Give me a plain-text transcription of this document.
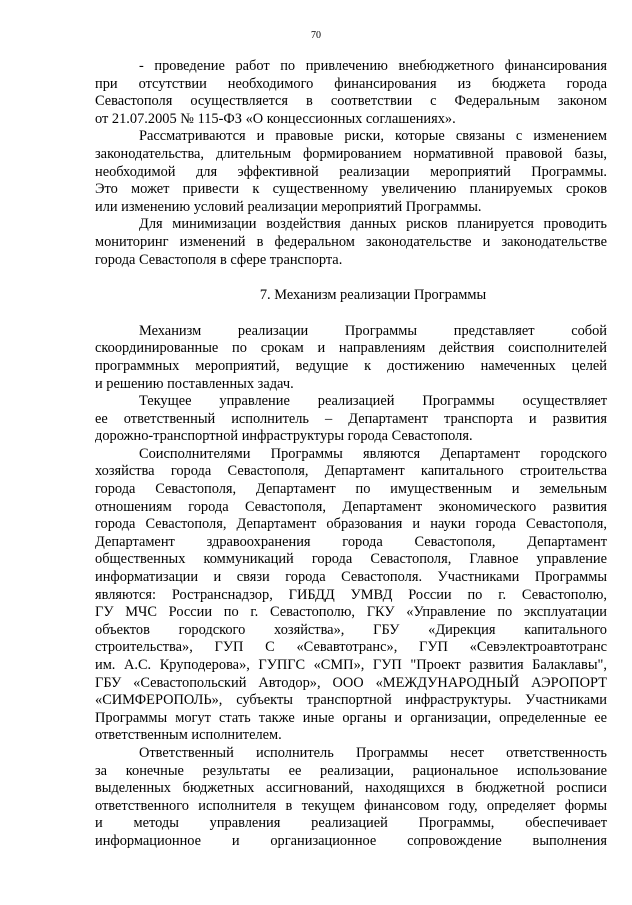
70
- проведение работ по привлечению внебюджетного финансирования
при отсутствии необходимого финансирования из бюджета города
Севастополя осуществляется в соответствии с Федеральным законом
от 21.07.2005 № 115-ФЗ «О концессионных соглашениях».
Рассматриваются и правовые риски, которые связаны с изменением
законодательства, длительным формированием нормативной правовой базы,
необходимой для эффективной реализации мероприятий Программы.
Это может привести к существенному увеличению планируемых сроков
или изменению условий реализации мероприятий Программы.
Для минимизации воздействия данных рисков планируется проводить
мониторинг изменений в федеральном законодательстве и законодательстве
города Севастополя в сфере транспорта.
7. Механизм реализации Программы
Механизм реализации Программы представляет собой
скоординированные по срокам и направлениям действия соисполнителей
программных мероприятий, ведущие к достижению намеченных целей
и решению поставленных задач.
Текущее управление реализацией Программы осуществляет
ее ответственный исполнитель – Департамент транспорта и развития
дорожно-транспортной инфраструктуры города Севастополя.
Соисполнителями Программы являются Департамент городского
хозяйства города Севастополя, Департамент капитального строительства
города Севастополя, Департамент по имущественным и земельным
отношениям города Севастополя, Департамент экономического развития
города Севастополя, Департамент образования и науки города Севастополя,
Департамент здравоохранения города Севастополя, Департамент
общественных коммуникаций города Севастополя, Главное управление
информатизации и связи города Севастополя. Участниками Программы
являются: Ространснадзор, ГИБДД УМВД России по г. Севастополю,
ГУ МЧС России по г. Севастополю, ГКУ «Управление по эксплуатации
объектов городского хозяйства», ГБУ «Дирекция капитального
строительства», ГУП С «Севавтотранс», ГУП «Севэлектроавтотранс
им. А.С. Круподерова», ГУПГС «СМП», ГУП "Проект развития Балаклавы",
ГБУ «Севастопольский Автодор», ООО «МЕЖДУНАРОДНЫЙ АЭРОПОРТ
«СИМФЕРОПОЛЬ», субъекты транспортной инфраструктуры. Участниками
Программы могут стать также иные органы и организации, определенные ее
ответственным исполнителем.
Ответственный исполнитель Программы несет ответственность
за конечные результаты ее реализации, рациональное использование
выделенных бюджетных ассигнований, находящихся в бюджетной росписи
ответственного исполнителя в текущем финансовом году, определяет формы
и методы управления реализацией Программы, обеспечивает
информационное и организационное сопровождение выполнения
